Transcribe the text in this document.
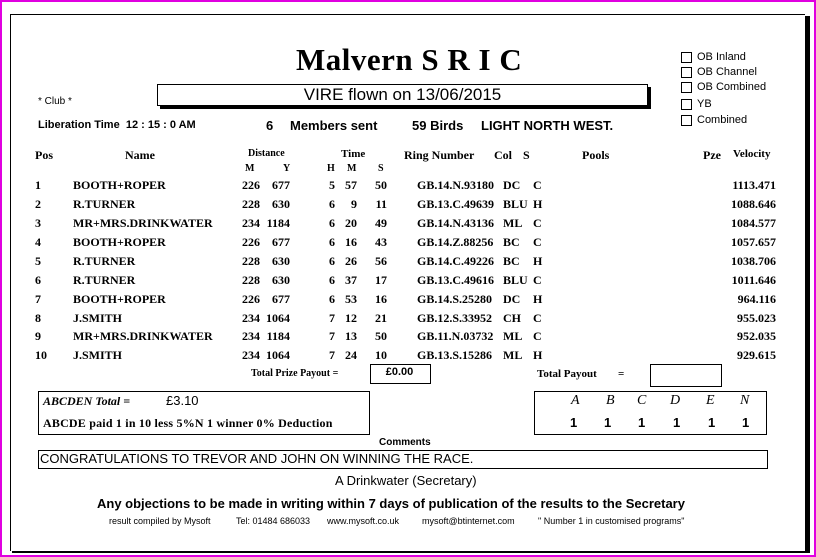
Malvern S R I C
VIRE flown on 13/06/2015
* Club *
OB Inland
OB Channel
OB Combined
YB
Combined
Liberation Time 12 : 15 : 0 AM	6 Members sent	59 Birds LIGHT NORTH WEST.
Pos	Name	Distance
M	Y
Time
H M S
Ring Number Col S	Pools	Pze Velocity
1	BOOTH+ROPER	226 677	5 57 50	GB.14.N.93180 DC C	1113.471
2	R.TURNER	228 630	6 9 11	GB.13.C.49639 BLU H	1088.646
3	MR+MRS.DRINKWATER 234 1184	6 20 49	GB.14.N.43136 ML C	1084.577
4	BOOTH+ROPER	226 677	6 16 43	GB.14.Z.88256 BC C	1057.657
5	R.TURNER	228 630	6 26 56	GB.14.C.49226 BC H	1038.706
6	R.TURNER	228 630	6 37 17	GB.13.C.49616 BLU C	1011.646
7	BOOTH+ROPER	226 677	6 53 16	GB.14.S.25280 DC H	964.116
8	J.SMITH	234 1064	7 12 21	GB.12.S.33952 CH C	955.023
9	MR+MRS.DRINKWATER 234 1184	7 13 50	GB.11.N.03732 ML C	952.035
10 J.SMITH	234 1064	7 24 10	GB.13.S.15286 ML H	929.615
Total Prize Payout =	£0.00	Total Payout =
ABCDEN Total =	£3.10
ABCDE paid 1 in 10 less 5%N 1 winner 0% Deduction
A B C D E N
1 1 1 1 1 1
Comments
CONGRATULATIONS TO TREVOR AND JOHN ON WINNING THE RACE.
A Drinkwater (Secretary)
Any objections to be made in writing within 7 days of publication of the results to the Secretary
result compiled by Mysoft	Tel: 01484 686033 www.mysoft.co.uk	mysoft@btinternet.com	" Number 1 in customised programs"
